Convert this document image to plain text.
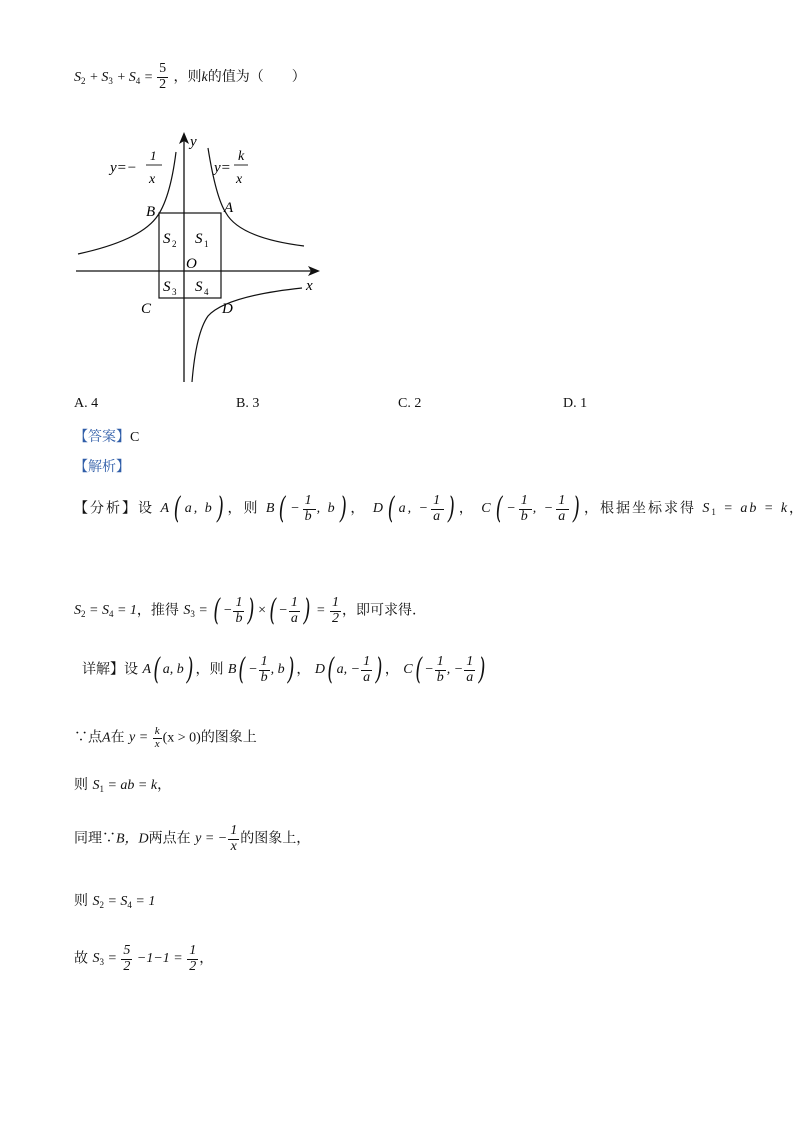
$S_2 + S_3 + S_4 = \frac{5}{2}$ ，则k的值为（　　）
y=−
1
x
y=
k
x
y
x
O
A
B
C	D
S 1
S 2
S 3 S 4
A. 4	B. 3	C. 2	D. 1
【答案】C
【解析】
【分析】设 A( a, b) ，则 $B( - \frac{1}{b}$ , b) ， D( a, − $\frac{1}{a}$ ) ， $C( - \frac{1}{b}$ , − $\frac{1}{a}$ ) ，根据坐标求得 $S_1$ = ab = k，
$S_2 = S_4 = 1$，推得 $S_3$ = ( − $\frac{1}{b}$ ) ×( − $\frac{1}{a}$ ) = $\frac{1}{2}$ ，即可求得.
详解】设 A( a, b) ，则 $B( - \frac{1}{b}$ , b) ， D( a, − $\frac{1}{a}$ ) ， $C( - \frac{1}{b}$ , − $\frac{1}{a}$ )
∵点A在 $y = \frac{k}{x} (x > 0)$的图象上
则 $S_1$ = ab = k，
同理∵B，D两点在 y = − $\frac{1}{x}$ 的图象上，
则 $S_2 = S_4 = 1$
故 $S_3 = \frac{5}{2} -1-1 = \frac{1}{2}$ ，
